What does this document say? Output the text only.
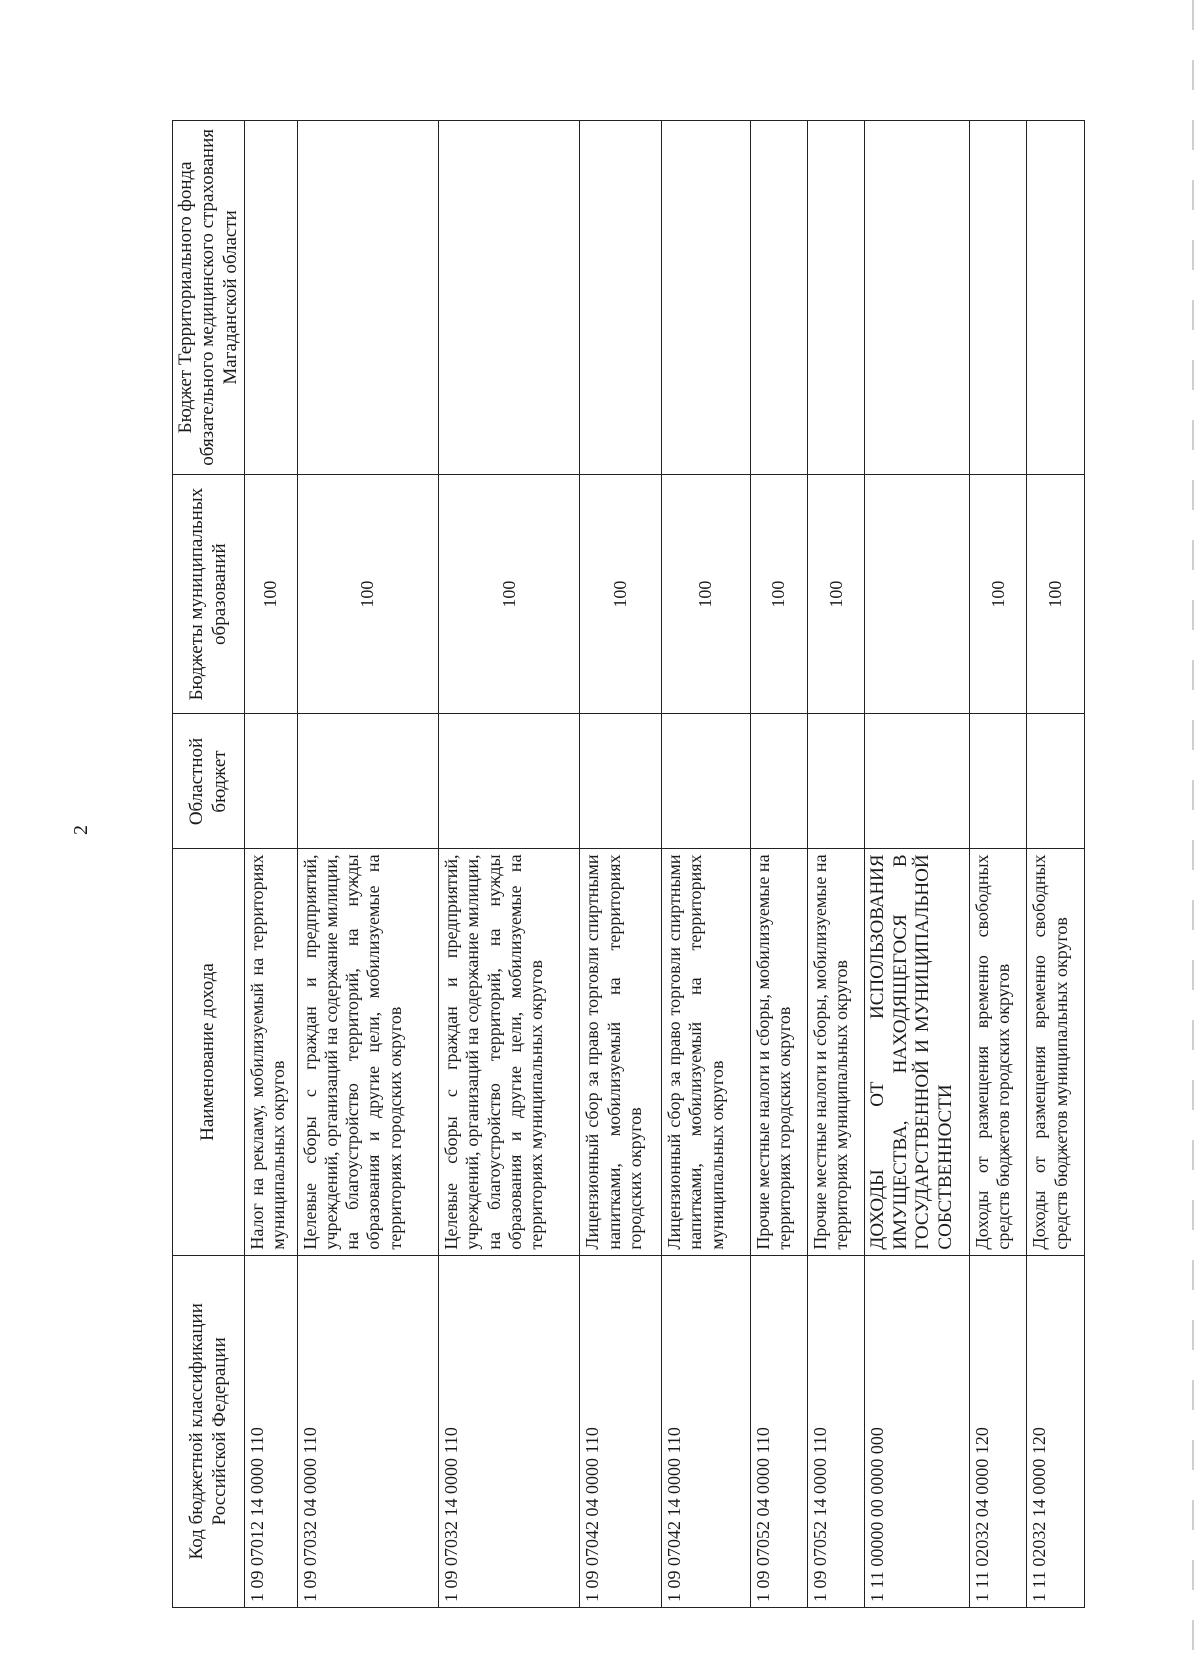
2
Код бюджетной классификации Российской Федерации	Наименование дохода	Областной бюджет	Бюджеты муниципальных образований	Бюджет Территориального фонда обязательного медицинского страхования Магаданской области
1 09 07012 14 0000 110	Налог на рекламу, мобилизуемый на территориях муниципальных округов		100	
1 09 07032 04 0000 110	Целевые сборы с граждан и предприятий, учреждений, организаций на содержание милиции, на благоустройство территорий, на нужды образования и другие цели, мобилизуемые на территориях городских округов		100	
1 09 07032 14 0000 110	Целевые сборы с граждан и предприятий, учреждений, организаций на содержание милиции, на благоустройство территорий, на нужды образования и другие цели, мобилизуемые на территориях муниципальных округов		100	
1 09 07042 04 0000 110	Лицензионный сбор за право торговли спиртными напитками, мобилизуемый на территориях городских округов		100	
1 09 07042 14 0000 110	Лицензионный сбор за право торговли спиртными напитками, мобилизуемый на территориях муниципальных округов		100	
1 09 07052 04 0000 110	Прочие местные налоги и сборы, мобилизуемые на территориях городских округов		100	
1 09 07052 14 0000 110	Прочие местные налоги и сборы, мобилизуемые на территориях муниципальных округов		100	
1 11 00000 00 0000 000	ДОХОДЫ ОТ ИСПОЛЬЗОВАНИЯ ИМУЩЕСТВА, НАХОДЯЩЕГОСЯ В ГОСУДАРСТВЕННОЙ И МУНИЦИПАЛЬНОЙ СОБСТВЕННОСТИ			
1 11 02032 04 0000 120	Доходы от размещения временно свободных средств бюджетов городских округов		100	
1 11 02032 14 0000 120	Доходы от размещения временно свободных средств бюджетов муниципальных округов		100	
